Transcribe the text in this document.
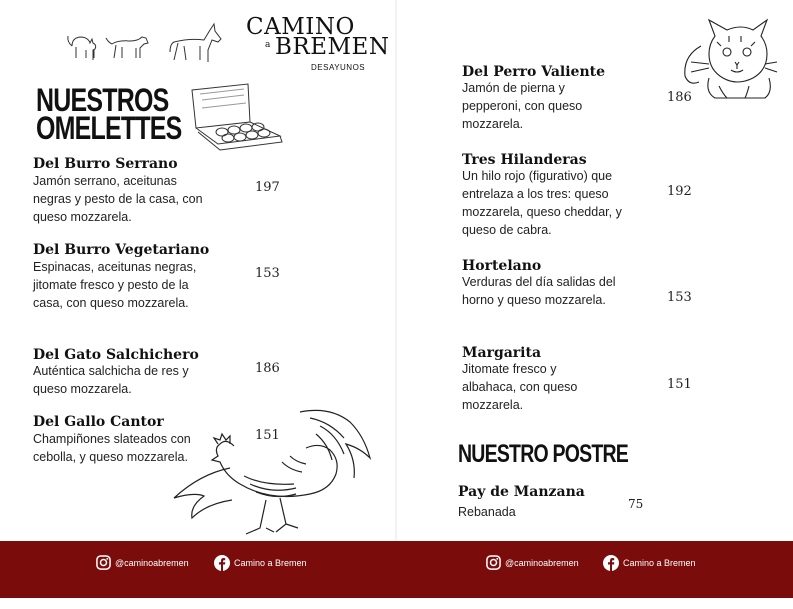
CAMINO
a BREMEN
DESAYUNOS
NUESTROS
OMELETTES
Del Burro Serrano
Jamón serrano, aceitunas negras y pesto de la casa, con queso mozzarela.
197
Del Burro Vegetariano
Espinacas, aceitunas negras, jitomate fresco y pesto de la casa, con queso mozzarela.
153
Del Gato Salchichero
Auténtica salchicha de res y queso mozzarela.
186
Del Gallo Cantor
Champiñones slateados con cebolla, y queso mozzarela.
151
Del Perro Valiente
Jamón de pierna y pepperoni, con queso mozzarela.
186
Tres Hilanderas
Un hilo rojo (figurativo) que entrelaza a los tres: queso mozzarela, queso cheddar, y queso de cabra.
192
Hortelano
Verduras del día salidas del horno y queso mozzarela.	153
Margarita
Jitomate fresco y albahaca, con queso mozzarela.
151
NUESTRO POSTRE
Pay de Manzana
Rebanada
75
@caminoabremen	Camino a Bremen	@caminoabremen	Camino a Bremen
